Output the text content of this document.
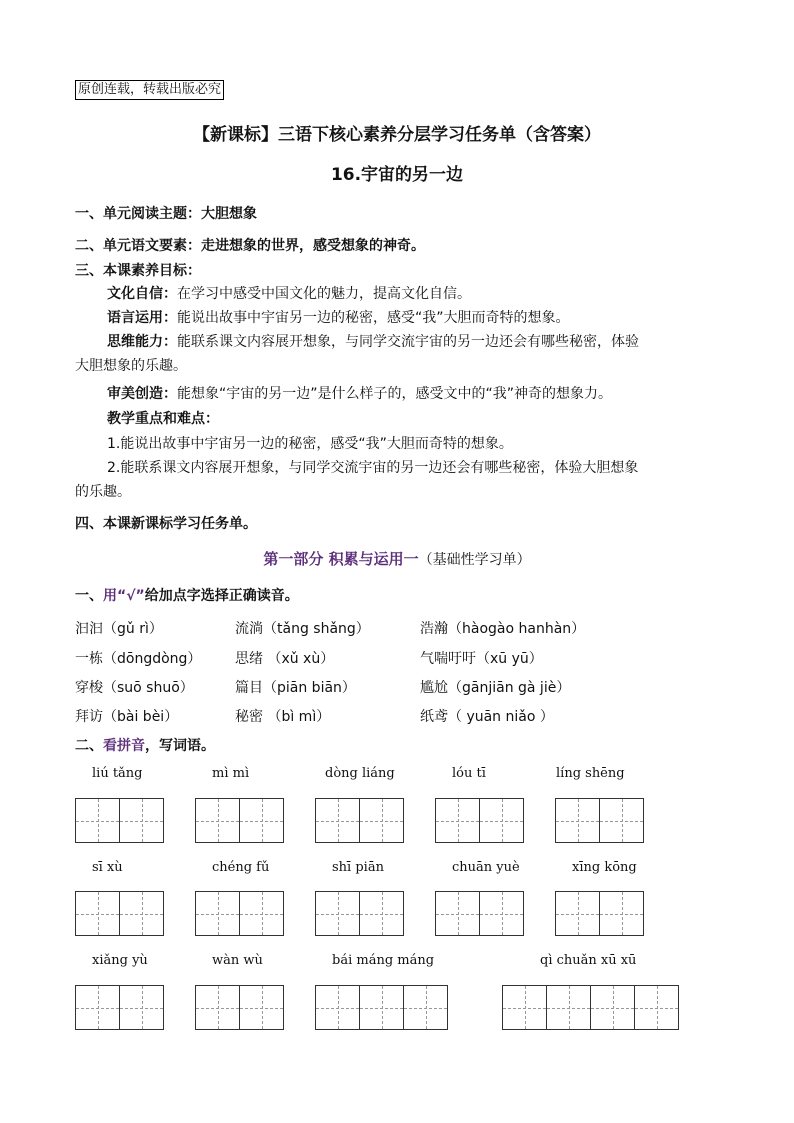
原创连载，转载出版必究
【新课标】三语下核心素养分层学习任务单（含答案）
16.宇宙的另一边
一、单元阅读主题：大胆想象
二、单元语文要素：走进想象的世界，感受想象的神奇。
三、本课素养目标：
文化自信：在学习中感受中国文化的魅力，提高文化自信。
语言运用：能说出故事中宇宙另一边的秘密，感受“我”大胆而奇特的想象。
思维能力：能联系课文内容展开想象，与同学交流宇宙的另一边还会有哪些秘密，体验
大胆想象的乐趣。
审美创造：能想象“宇宙的另一边”是什么样子的，感受文中的“我”神奇的想象力。
教学重点和难点：
1.能说出故事中宇宙另一边的秘密，感受“我”大胆而奇特的想象。
2.能联系课文内容展开想象，与同学交流宇宙的另一边还会有哪些秘密，体验大胆想象
的乐趣。
四、本课新课标学习任务单。
第一部分 积累与运用一（基础性学习单）
一、用“√”给加点字选择正确读音。
汩汩（gǔ rì）	流淌（tǎng shǎng）	浩瀚（hàogào hanhàn）
一栋（dōngdòng） 思绪 （xǔ xù）	气喘吁吁（xū yū）
穿梭（suō shuō）	篇目（piān biān）	尴尬（gānjiān gà jiè）
拜访（bài bèi）	秘密 （bì mì）	纸鸢（ yuān niǎo ）
二、看拼音，写词语。
liú tǎng	mì mì	dòng liáng	lóu tī	líng shēng
sī xù	chéng fǔ	shī piān	chuān yuè	xīng kōng
xiǎng yù	wàn wù	bái máng máng	qì chuǎn xū xū
